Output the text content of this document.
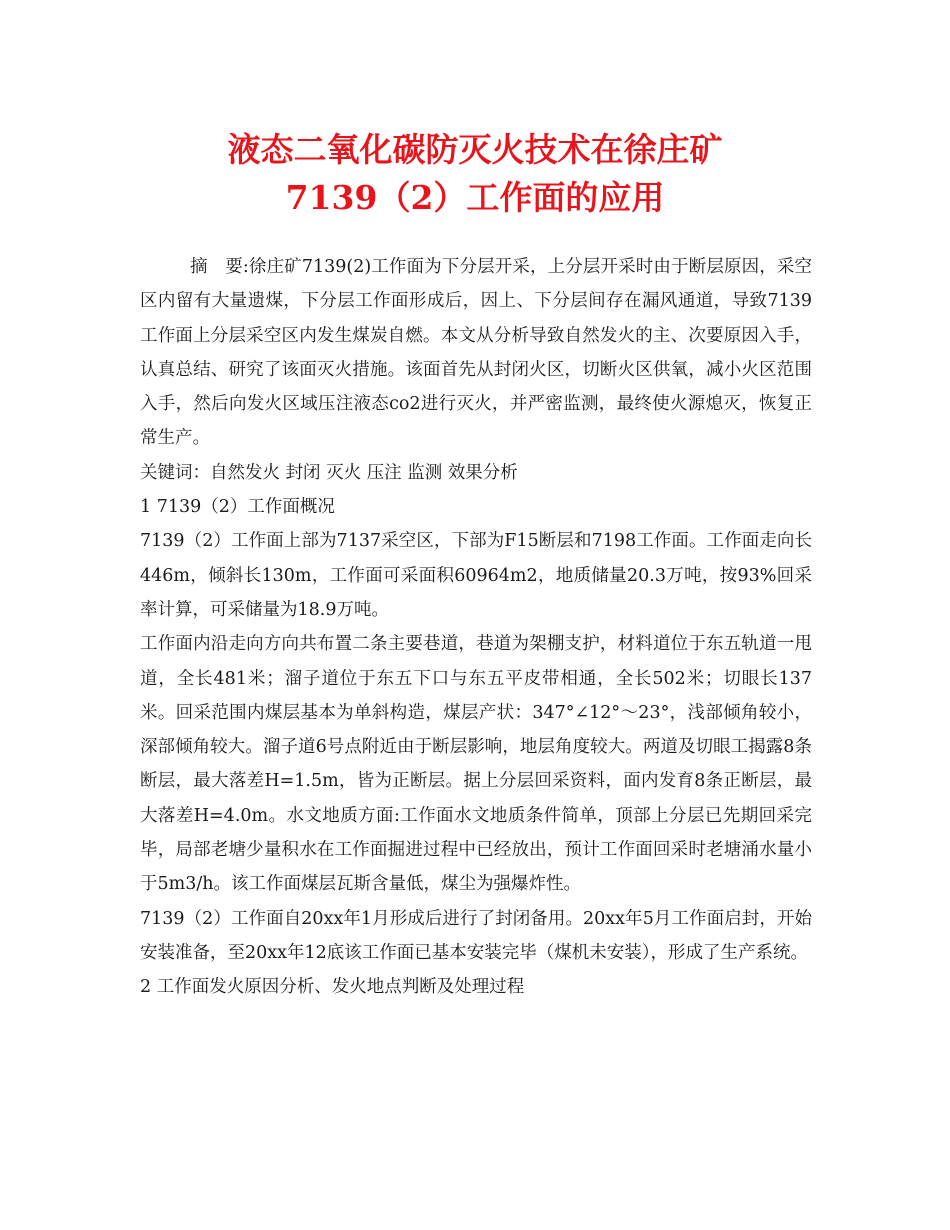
液态二氧化碳防灭火技术在徐庄矿
7139（2）工作面的应用

摘　要:徐庄矿7139(2)工作面为下分层开采，上分层开采时由于断层原因，采空区内留有大量遗煤，下分层工作面形成后，因上、下分层间存在漏风通道，导致7139工作面上分层采空区内发生煤炭自燃。本文从分析导致自然发火的主、次要原因入手，认真总结、研究了该面灭火措施。该面首先从封闭火区，切断火区供氧，减小火区范围入手，然后向发火区域压注液态co2进行灭火，并严密监测，最终使火源熄灭，恢复正常生产。

关键词：自然发火 封闭 灭火 压注 监测 效果分析

1 7139（2）工作面概况

7139（2）工作面上部为7137采空区，下部为F15断层和7198工作面。工作面走向长446m，倾斜长130m，工作面可采面积60964m2，地质储量20.3万吨，按93%回采率计算，可采储量为18.9万吨。

工作面内沿走向方向共布置二条主要巷道，巷道为架棚支护，材料道位于东五轨道一甩道，全长481米；溜子道位于东五下口与东五平皮带相通，全长502米；切眼长137米。回采范围内煤层基本为单斜构造，煤层产状：347°∠12°～23°，浅部倾角较小，深部倾角较大。溜子道6号点附近由于断层影响，地层角度较大。两道及切眼工揭露8条断层，最大落差H=1.5m，皆为正断层。据上分层回采资料，面内发育8条正断层，最大落差H=4.0m。水文地质方面:工作面水文地质条件简单，顶部上分层已先期回采完毕，局部老塘少量积水在工作面掘进过程中已经放出，预计工作面回采时老塘涌水量小于5m3/h。该工作面煤层瓦斯含量低，煤尘为强爆炸性。

7139（2）工作面自20xx年1月形成后进行了封闭备用。20xx年5月工作面启封，开始安装准备，至20xx年12底该工作面已基本安装完毕（煤机未安装），形成了生产系统。

2 工作面发火原因分析、发火地点判断及处理过程
